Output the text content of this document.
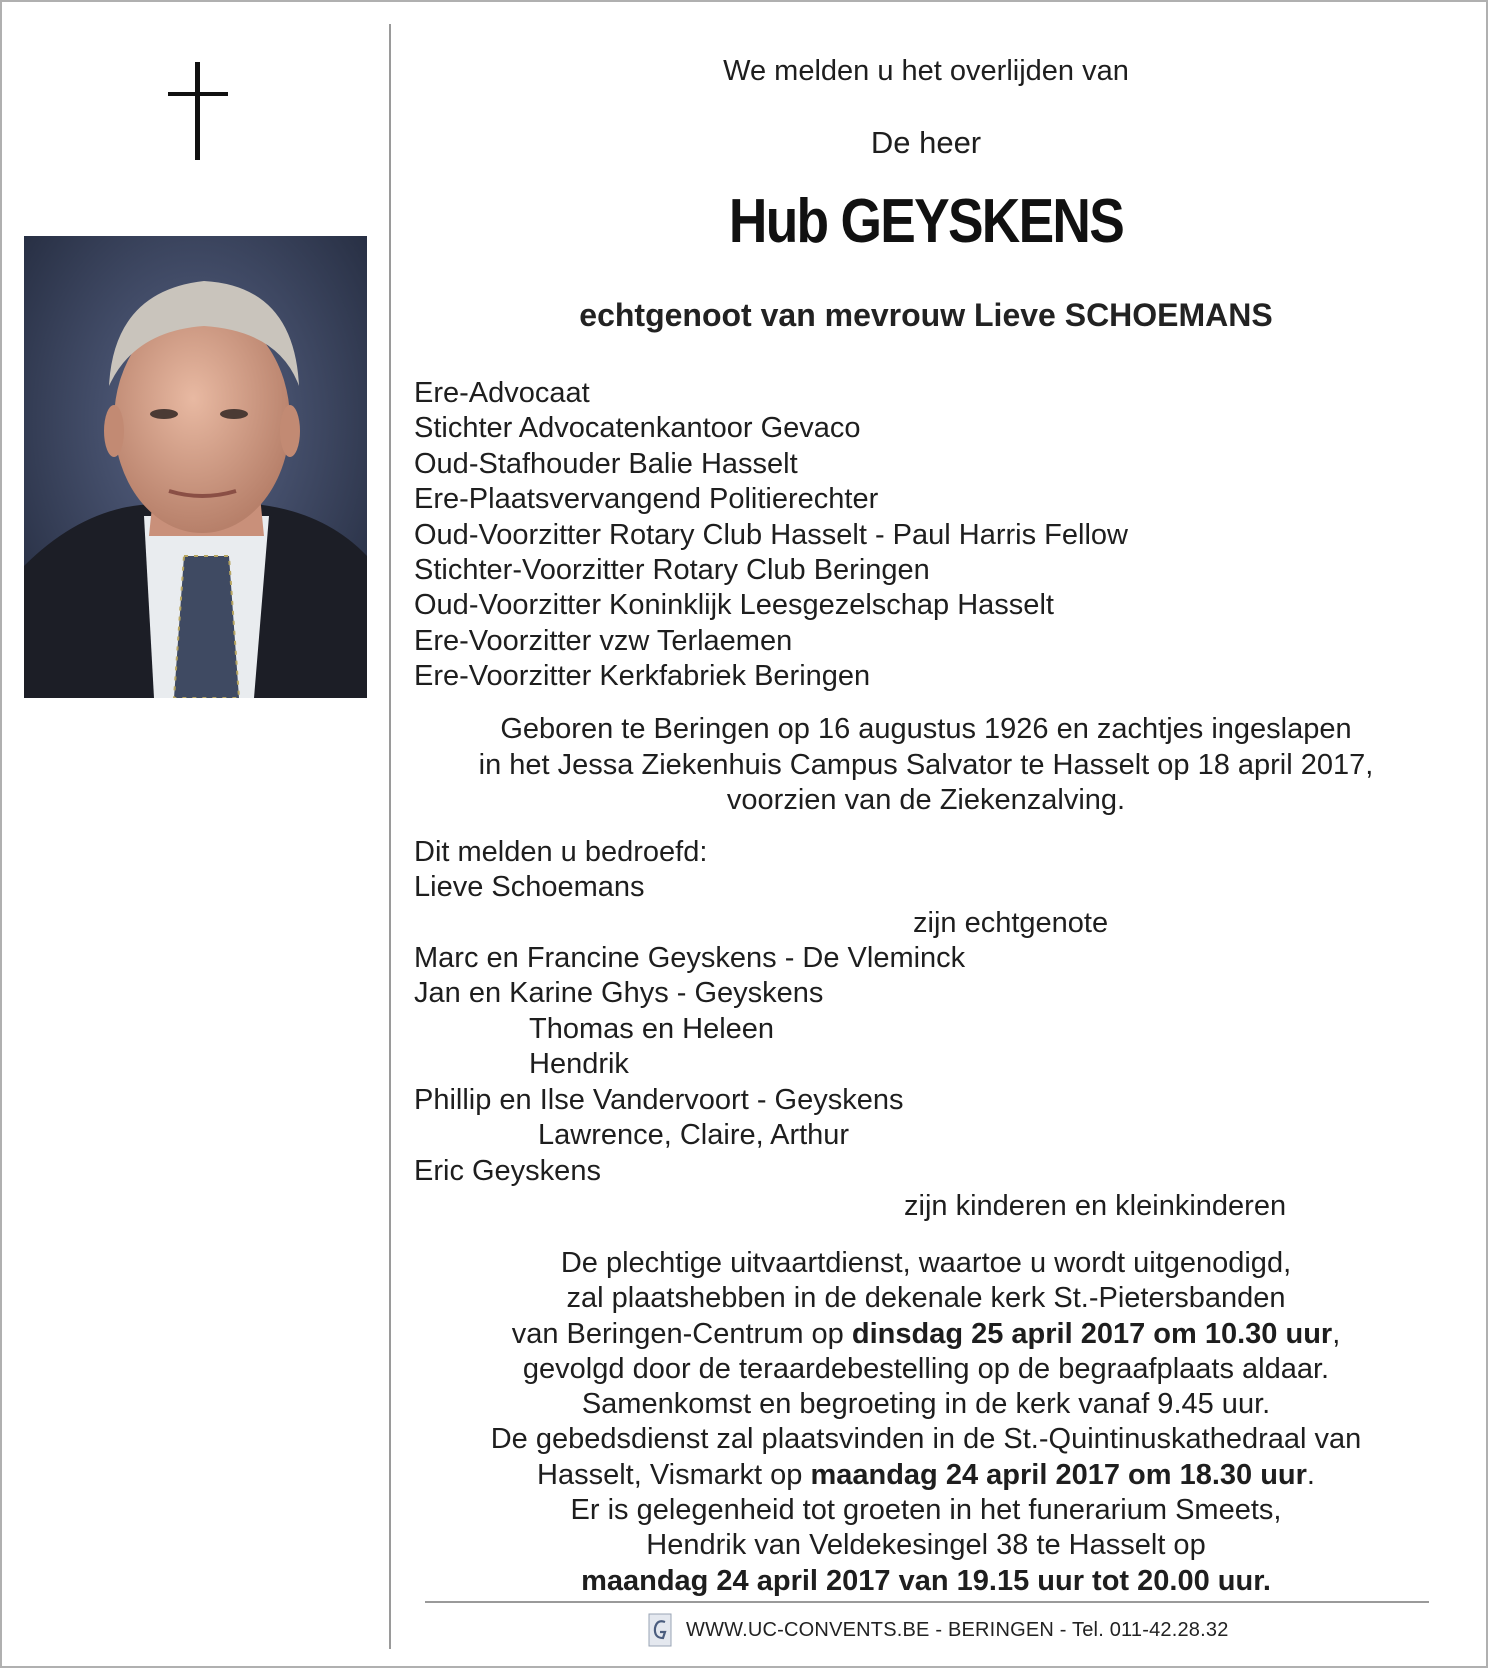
We melden u het overlijden van
De heer
Hub GEYSKENS
echtgenoot van mevrouw Lieve SCHOEMANS
Ere-Advocaat
Stichter Advocatenkantoor Gevaco
Oud-Stafhouder Balie Hasselt
Ere-Plaatsvervangend Politierechter
Oud-Voorzitter Rotary Club Hasselt - Paul Harris Fellow
Stichter-Voorzitter Rotary Club Beringen
Oud-Voorzitter Koninklijk Leesgezelschap Hasselt
Ere-Voorzitter vzw Terlaemen
Ere-Voorzitter Kerkfabriek Beringen
Geboren te Beringen op 16 augustus 1926 en zachtjes ingeslapen
in het Jessa Ziekenhuis Campus Salvator te Hasselt op 18 april 2017,
voorzien van de Ziekenzalving.
Dit melden u bedroefd:
Lieve Schoemans
zijn echtgenote
Marc en Francine Geyskens - De Vleminck
Jan en Karine Ghys - Geyskens
Thomas en Heleen
Hendrik
Phillip en Ilse Vandervoort - Geyskens
Lawrence, Claire, Arthur
Eric Geyskens
zijn kinderen en kleinkinderen
De plechtige uitvaartdienst, waartoe u wordt uitgenodigd,
zal plaatshebben in de dekenale kerk St.-Pietersbanden
van Beringen-Centrum op dinsdag 25 april 2017 om 10.30 uur,
gevolgd door de teraardebestelling op de begraafplaats aldaar.
Samenkomst en begroeting in de kerk vanaf 9.45 uur.
De gebedsdienst zal plaatsvinden in de St.-Quintinuskathedraal van
Hasselt, Vismarkt op maandag 24 april 2017 om 18.30 uur.
Er is gelegenheid tot groeten in het funerarium Smeets,
Hendrik van Veldekesingel 38 te Hasselt op
maandag 24 april 2017 van 19.15 uur tot 20.00 uur.
WWW.UC-CONVENTS.BE - BERINGEN - Tel. 011-42.28.32
